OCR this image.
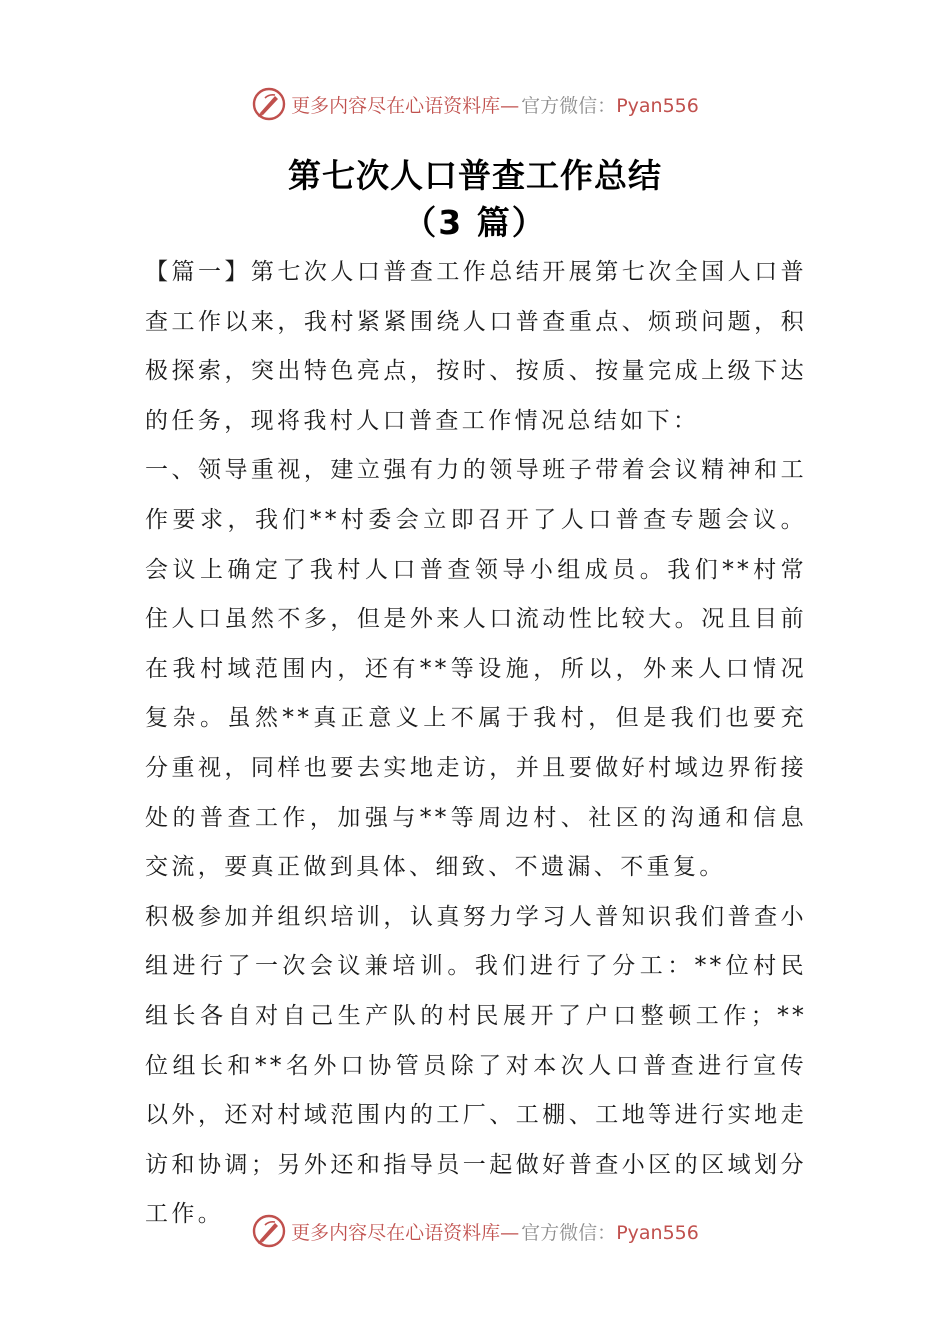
更多内容尽在心语资料库— 官方微信：Pyan556
第七次人口普查工作总结
（3 篇）

【篇一】第七次人口普查工作总结开展第七次全国人口普查工作以来，我村紧紧围绕人口普查重点、烦琐问题，积极探索，突出特色亮点，按时、按质、按量完成上级下达的任务，现将我村人口普查工作情况总结如下：

一、领导重视，建立强有力的领导班子带着会议精神和工作要求，我们**村委会立即召开了人口普查专题会议。会议上确定了我村人口普查领导小组成员。我们**村常住人口虽然不多，但是外来人口流动性比较大。况且目前在我村域范围内，还有**等设施，所以，外来人口情况复杂。虽然**真正意义上不属于我村，但是我们也要充分重视，同样也要去实地走访，并且要做好村域边界衔接处的普查工作，加强与**等周边村、社区的沟通和信息交流，要真正做到具体、细致、不遗漏、不重复。

积极参加并组织培训，认真努力学习人普知识我们普查小组进行了一次会议兼培训。我们进行了分工：**位村民组长各自对自己生产队的村民展开了户口整顿工作；**位组长和**名外口协管员除了对本次人口普查进行宣传以外，还对村域范围内的工厂、工棚、工地等进行实地走访和协调；另外还和指导员一起做好普查小区的区域划分工作。

更多内容尽在心语资料库— 官方微信：Pyan556
